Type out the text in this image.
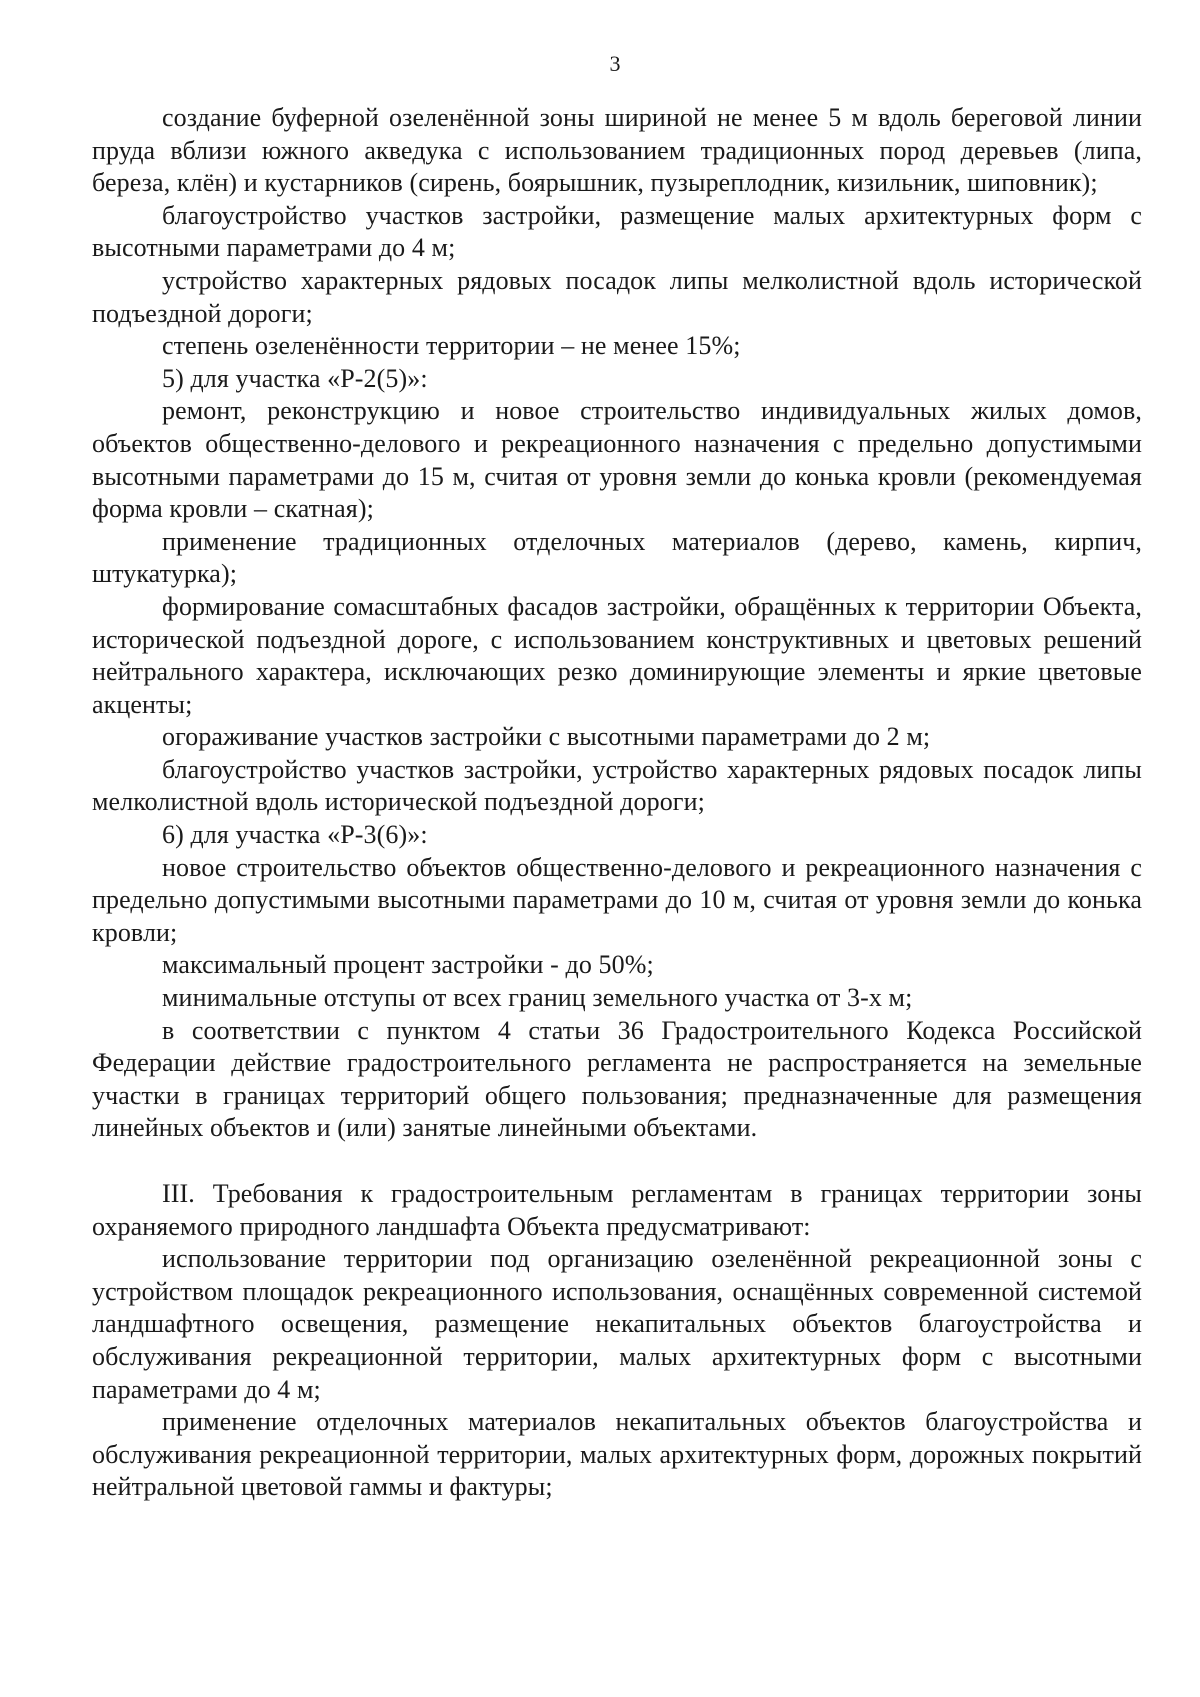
3

создание буферной озеленённой зоны шириной не менее 5 м вдоль береговой линии пруда вблизи южного акведука с использованием традиционных пород деревьев (липа, береза, клён) и кустарников (сирень, боярышник, пузыреплодник, кизильник, шиповник);

благоустройство участков застройки, размещение малых архитектурных форм с высотными параметрами до 4 м;

устройство характерных рядовых посадок липы мелколистной вдоль исторической подъездной дороги;

степень озеленённости территории – не менее 15%;

5) для участка «Р-2(5)»:

ремонт, реконструкцию и новое строительство индивидуальных жилых домов, объектов общественно-делового и рекреационного назначения с предельно допустимыми высотными параметрами до 15 м, считая от уровня земли до конька кровли (рекомендуемая форма кровли – скатная);

применение традиционных отделочных материалов (дерево, камень, кирпич, штукатурка);

формирование сомасштабных фасадов застройки, обращённых к территории Объекта, исторической подъездной дороге, с использованием конструктивных и цветовых решений нейтрального характера, исключающих резко доминирующие элементы и яркие цветовые акценты;

огораживание участков застройки с высотными параметрами до 2 м;

благоустройство участков застройки, устройство характерных рядовых посадок липы мелколистной вдоль исторической подъездной дороги;

6) для участка «Р-3(6)»:

новое строительство объектов общественно-делового и рекреационного назначения с предельно допустимыми высотными параметрами до 10 м, считая от уровня земли до конька кровли;

максимальный процент застройки - до 50%;

минимальные отступы от всех границ земельного участка от 3-х м;

в соответствии с пунктом 4 статьи 36 Градостроительного Кодекса Российской Федерации действие градостроительного регламента не распространяется на земельные участки в границах территорий общего пользования; предназначенные для размещения линейных объектов и (или) занятые линейными объектами.

III. Требования к градостроительным регламентам в границах территории зоны охраняемого природного ландшафта Объекта предусматривают:

использование территории под организацию озеленённой рекреационной зоны с устройством площадок рекреационного использования, оснащённых современной системой ландшафтного освещения, размещение некапитальных объектов благоустройства и обслуживания рекреационной территории, малых архитектурных форм с высотными параметрами до 4 м;

применение отделочных материалов некапитальных объектов благоустройства и обслуживания рекреационной территории, малых архитектурных форм, дорожных покрытий нейтральной цветовой гаммы и фактуры;
